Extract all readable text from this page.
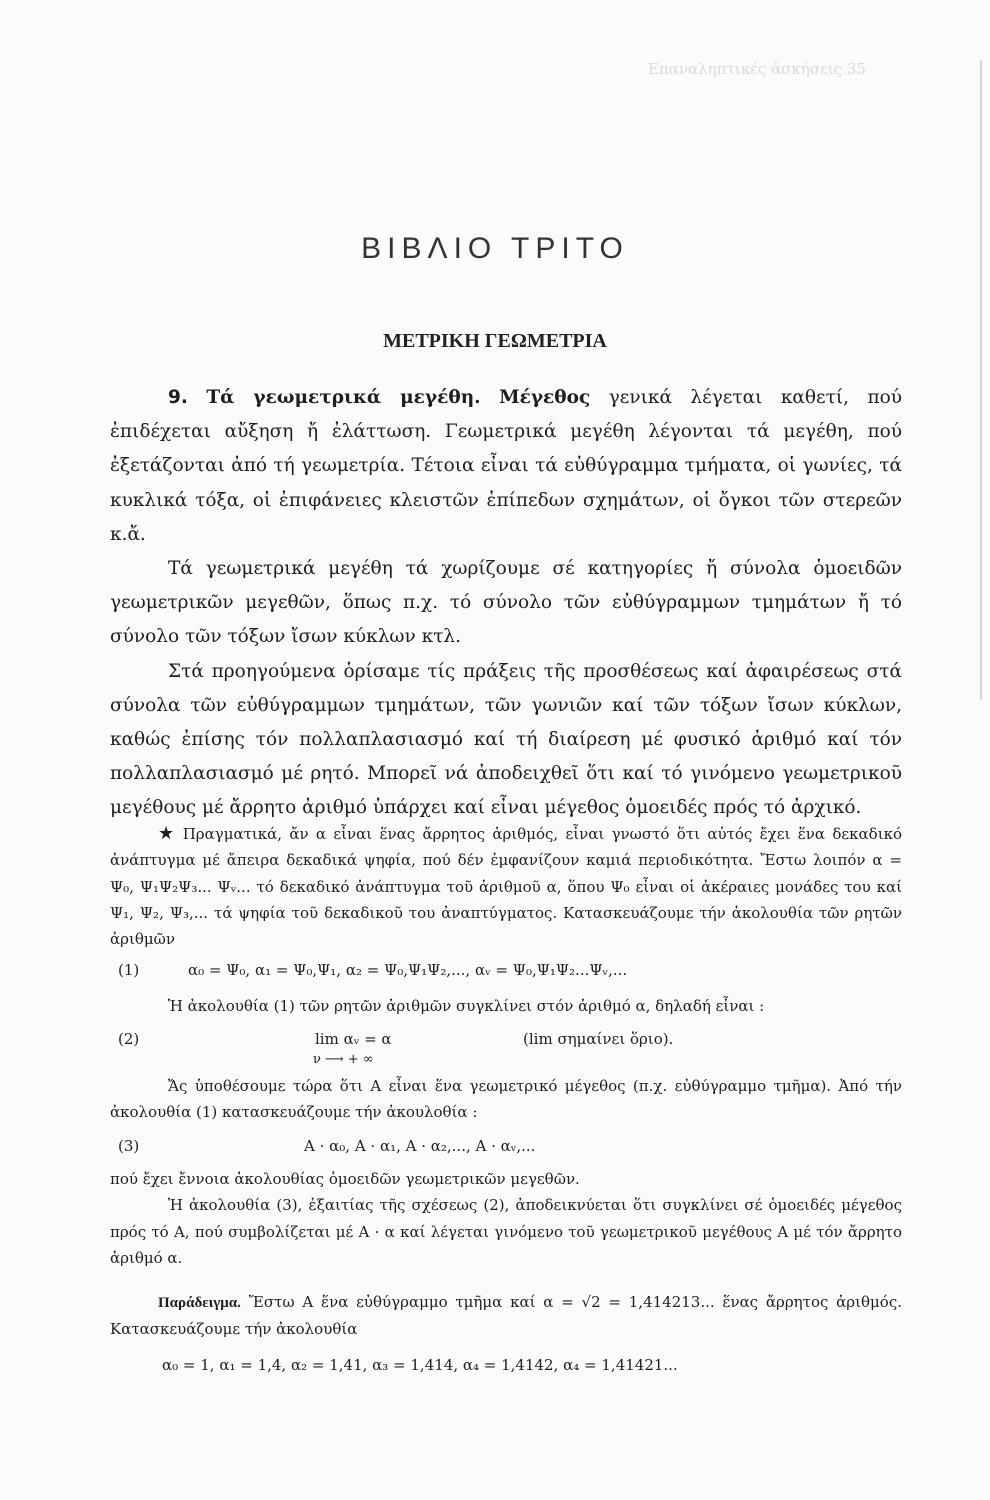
Επαναληπτικές ἀσκήσεις 35
ΒΙΒΛΙΟ ΤΡΙΤΟ
ΜΕΤΡΙΚΗ ΓΕΩΜΕΤΡΙΑ

9. Τά γεωμετρικά μεγέθη. Μέγεθος γενικά λέγεται καθετί, πού ἐπιδέχεται αὔξηση ἤ ἐλάττωση. Γεωμετρικά μεγέθη λέγονται τά μεγέθη, πού ἐξετάζονται ἀπό τή γεωμετρία. Τέτοια εἶναι τά εὐθύγραμμα τμήματα, οἱ γωνίες, τά κυκλικά τόξα, οἱ ἐπιφάνειες κλειστῶν ἐπίπεδων σχημάτων, οἱ ὄγκοι τῶν στερεῶν κ.ἄ.

Τά γεωμετρικά μεγέθη τά χωρίζουμε σέ κατηγορίες ἤ σύνολα ὁμοειδῶν γεωμετρικῶν μεγεθῶν, ὅπως π.χ. τό σύνολο τῶν εὐθύγραμμων τμημάτων ἤ τό σύνολο τῶν τόξων ἴσων κύκλων κτλ.

Στά προηγούμενα ὁρίσαμε τίς πράξεις τῆς προσθέσεως καί ἀφαιρέσεως στά σύνολα τῶν εὐθύγραμμων τμημάτων, τῶν γωνιῶν καί τῶν τόξων ἴσων κύκλων, καθώς ἐπίσης τόν πολλαπλασιασμό καί τή διαίρεση μέ φυσικό ἀριθμό καί τόν πολλαπλασιασμό μέ ρητό. Μπορεῖ νά ἀποδειχθεῖ ὅτι καί τό γινόμενο γεωμετρικοῦ μεγέθους μέ ἄρρητο ἀριθμό ὑπάρχει καί εἶναι μέγεθος ὁμοειδές πρός τό ἀρχικό.

★ Πραγματικά, ἄν α εἶναι ἕνας ἄρρητος ἀριθμός, εἶναι γνωστό ὅτι αὐτός ἔχει ἕνα δεκαδικό ἀνάπτυγμα μέ ἄπειρα δεκαδικά ψηφία, πού δέν ἐμφανίζουν καμιά περιοδικότητα. Ἔστω λοιπόν α = Ψ₀, Ψ₁Ψ₂Ψ₃... Ψᵥ... τό δεκαδικό ἀνάπτυγμα τοῦ ἀριθμοῦ α, ὅπου Ψ₀ εἶναι οἱ ἀκέραιες μονάδες του καί Ψ₁, Ψ₂, Ψ₃,... τά ψηφία τοῦ δεκαδικοῦ του ἀναπτύγματος. Κατασκευάζουμε τήν ἀκολουθία τῶν ρητῶν ἀριθμῶν

(1)	α₀ = Ψ₀, α₁ = Ψ₀,Ψ₁, α₂ = Ψ₀,Ψ₁Ψ₂,..., αᵥ = Ψ₀,Ψ₁Ψ₂...Ψᵥ,...

Ἡ ἀκολουθία (1) τῶν ρητῶν ἀριθμῶν συγκλίνει στόν ἀριθμό α, δηλαδή εἶναι :

(2)	lim αᵥ = α	(lim σημαίνει ὅριο).
ν ⟶ + ∞

Ἄς ὑποθέσουμε τώρα ὅτι Α εἶναι ἕνα γεωμετρικό μέγεθος (π.χ. εὐθύγραμμο τμῆμα). Ἀπό τήν ἀκολουθία (1) κατασκευάζουμε τήν ἀκουλοθία :

(3)	Α · α₀, Α · α₁, Α · α₂,..., Α · αᵥ,...

πού ἔχει ἔννοια ἀκολουθίας ὁμοειδῶν γεωμετρικῶν μεγεθῶν.

Ἡ ἀκολουθία (3), ἐξαιτίας τῆς σχέσεως (2), ἀποδεικνύεται ὅτι συγκλίνει σέ ὁμοειδές μέγεθος πρός τό Α, πού συμβολίζεται μέ Α · α καί λέγεται γινόμενο τοῦ γεωμετρικοῦ μεγέθους Α μέ τόν ἄρρητο ἀριθμό α.

Παράδειγμα. Ἔστω Α ἕνα εὐθύγραμμο τμῆμα καί α = √2 = 1,414213... ἕνας ἄρρητος ἀριθμός. Κατασκευάζουμε τήν ἀκολουθία

α₀ = 1, α₁ = 1,4, α₂ = 1,41, α₃ = 1,414, α₄ = 1,4142, α₄ = 1,41421...
